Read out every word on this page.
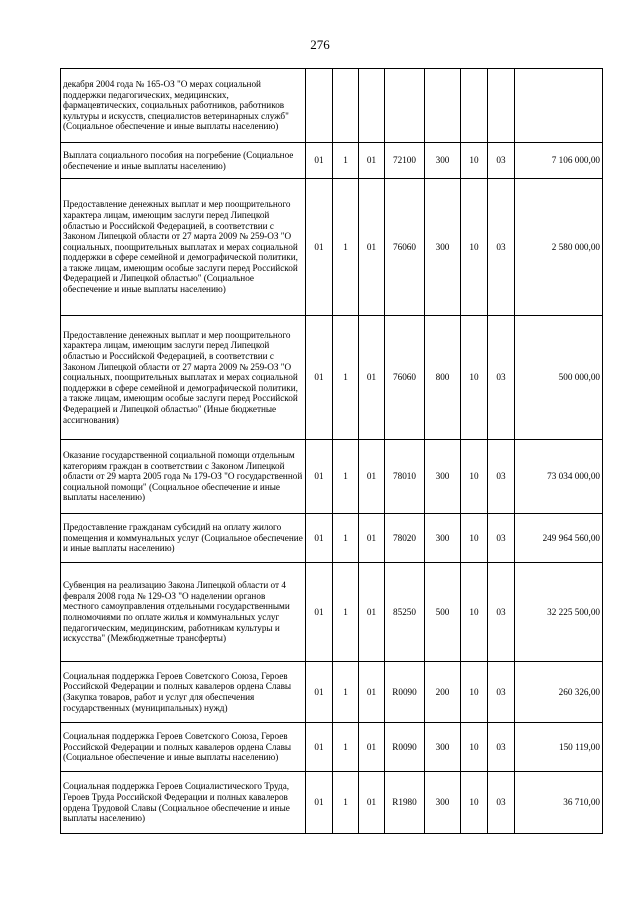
276
декабря 2004 года № 165-ОЗ "О мерах социальной поддержки педагогических, медицинских, фармацевтических, социальных работников, работников культуры и искусств, специалистов ветеринарных служб" (Социальное обеспечение и иные выплаты населению)								
Выплата социального пособия на погребение (Социальное обеспечение и иные выплаты населению)	01	1	01	72100	300	10	03	7 106 000,00
Предоставление денежных выплат и мер поощрительного характера лицам, имеющим заслуги перед Липецкой областью и Российской Федерацией, в соответствии с Законом Липецкой области от 27 марта 2009 № 259-ОЗ "О социальных, поощрительных выплатах и мерах социальной поддержки в сфере семейной и демографической политики, а также лицам, имеющим особые заслуги перед Российской Федерацией и Липецкой областью" (Социальное обеспечение и иные выплаты населению)	01	1	01	76060	300	10	03	2 580 000,00
Предоставление денежных выплат и мер поощрительного характера лицам, имеющим заслуги перед Липецкой областью и Российской Федерацией, в соответствии с Законом Липецкой области от 27 марта 2009 № 259-ОЗ "О социальных, поощрительных выплатах и мерах социальной поддержки в сфере семейной и демографической политики, а также лицам, имеющим особые заслуги перед Российской Федерацией и Липецкой областью" (Иные бюджетные ассигнования)	01	1	01	76060	800	10	03	500 000,00
Оказание государственной социальной помощи отдельным категориям граждан в соответствии с Законом Липецкой области от 29 марта 2005 года № 179-ОЗ "О государственной социальной помощи" (Социальное обеспечение и иные выплаты населению)	01	1	01	78010	300	10	03	73 034 000,00
Предоставление гражданам субсидий на оплату жилого помещения и коммунальных услуг (Социальное обеспечение и иные выплаты населению)	01	1	01	78020	300	10	03	249 964 560,00
Субвенция на реализацию Закона Липецкой области от 4 февраля 2008 года № 129-ОЗ "О наделении органов местного самоуправления отдельными государственными полномочиями по оплате жилья и коммунальных услуг педагогическим, медицинским, работникам культуры и искусства" (Межбюджетные трансферты)	01	1	01	85250	500	10	03	32 225 500,00
Социальная поддержка Героев Советского Союза, Героев Российской Федерации и полных кавалеров ордена Славы (Закупка товаров, работ и услуг для обеспечения государственных (муниципальных) нужд)	01	1	01	R0090	200	10	03	260 326,00
Социальная поддержка Героев Советского Союза, Героев Российской Федерации и полных кавалеров ордена Славы (Социальное обеспечение и иные выплаты населению)	01	1	01	R0090	300	10	03	150 119,00
Социальная поддержка Героев Социалистического Труда, Героев Труда Российской Федерации и полных кавалеров ордена Трудовой Славы (Социальное обеспечение и иные выплаты населению)	01	1	01	R1980	300	10	03	36 710,00
